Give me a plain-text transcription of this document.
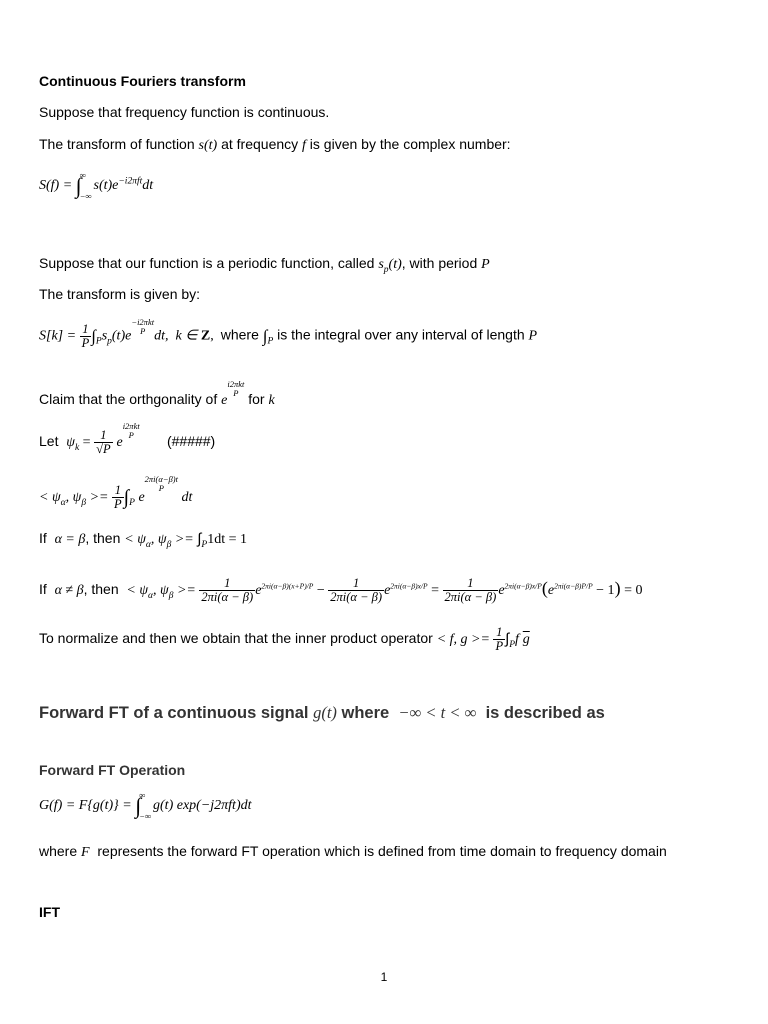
Continuous Fouriers transform
Suppose that frequency function is continuous.
The transform of function s(t) at frequency f is given by the complex number:
S(f) = ∫
∞
−∞
$s(t)e^{-i2\pi ft}dt$
Suppose that our function is a periodic function, called $s_p(t)$, with period P
The transform is given by:
$S[k] = \frac{1}{P} \int_Ps_p(t)e-i2\pi kt$
P dt, k ∈ Z, where $\int_P$ is the integral over any interval of length P
Claim that the orthgonality of ei2πkt
P for k
Let  $\psi_k = \frac{1}{√P} ei2\pi kt$
P (#####)
< $\psi_\alpha$, $\psi_\beta >= \frac{1}{P} \int_P$ e2πi(α−β)t
P dt
If  α = β, then < $\psi_\alpha$, $\psi_\beta >= \int_P1dt = 1$
If  α ≠ β, then  < $\psi_\alpha$, $\psi_\beta >= \frac{1}{2\pi i(\alpha - \beta)} e^{2\pi i(\alpha-\beta)(x+P)/P} - \frac{1}{2\pi i(\alpha - \beta)} e^{2\pi i(\alpha-\beta)x/P} = \frac{1}{2\pi i(\alpha - \beta)} e^{2\pi i(\alpha-\beta)x/P}(e^{2\pi i(\alpha-\beta)P/P} - 1) = 0$
To normalize and then we obtain that the inner product operator < f, $g >= \frac{1}{P} \int_Pf$ $\overline{g}$
Forward FT of a continuous signal g(t) where  −∞ < t < ∞  is described as
Forward FT Operation
G(f) = F{g(t)} = ∫
∞
−∞
g(t) exp(−j2πft)dt
where F  represents the forward FT operation which is defined from time domain to frequency domain
IFT
1
